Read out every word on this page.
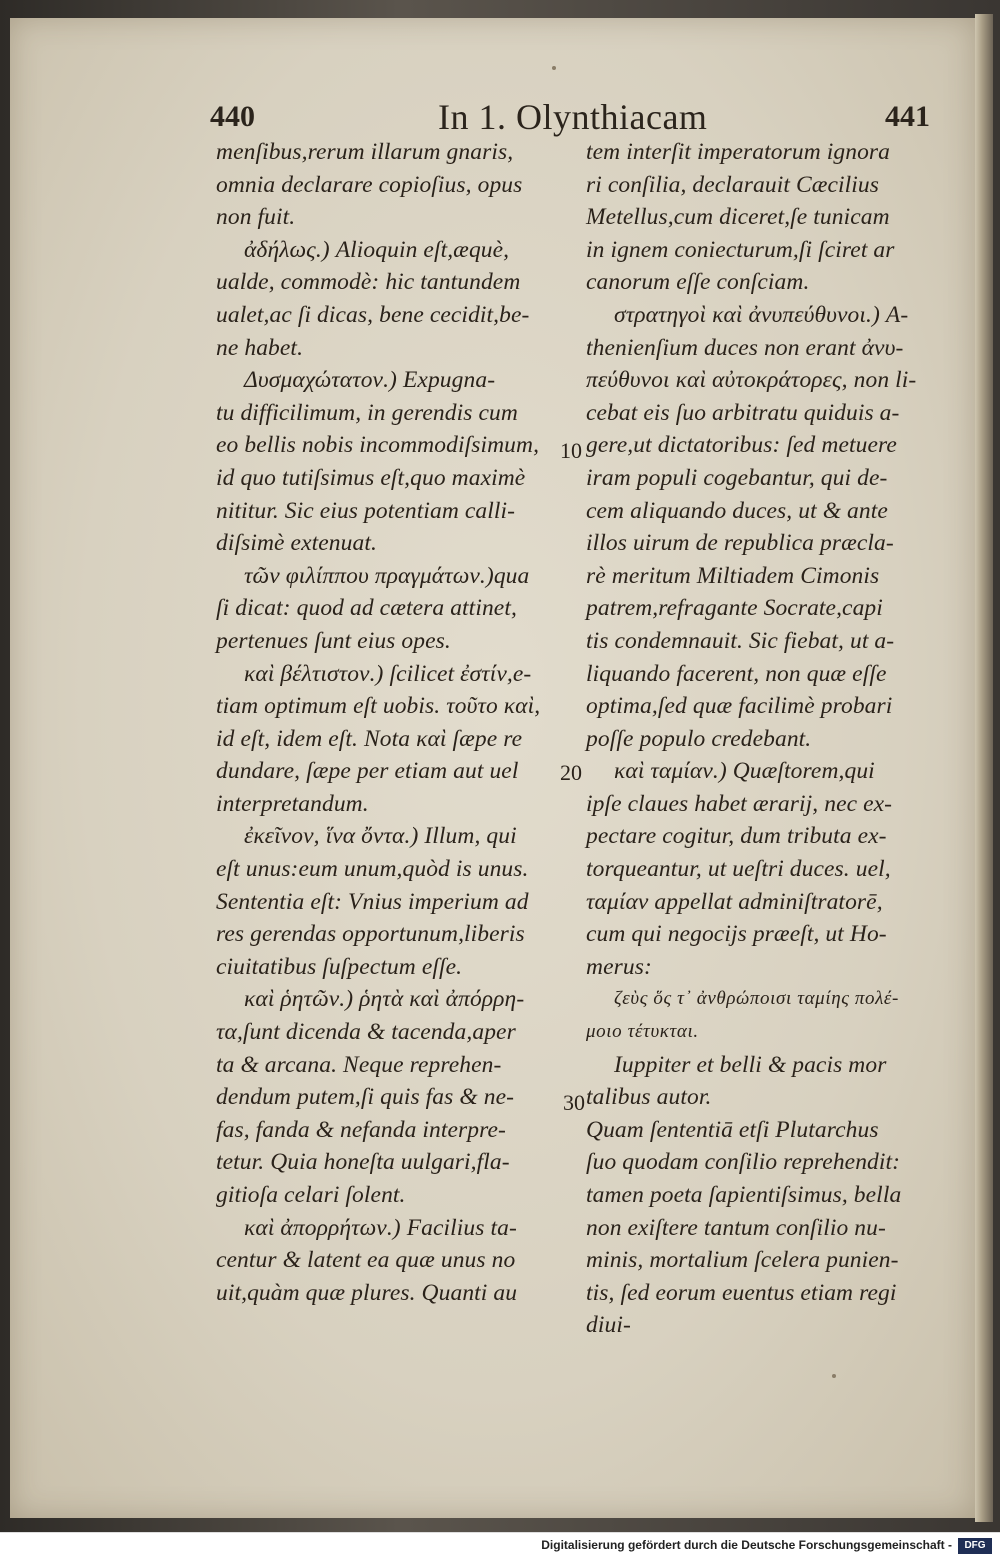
440	In 1. Olynthiacam	441
menſibus,rerum illarum gnaris,
omnia declarare copioſius, opus
non fuit.
ἀδήλως.) Alioquin eſt,æquè,
ualde, commodè: hic tantundem
ualet,ac ſi dicas, bene cecidit,be-
ne habet.
Δυσμαχώτατον.) Expugna-
tu difficilimum, in gerendis cum
eo bellis nobis incommodiſsimum,
id quo tutiſsimus eſt,quo maximè
nititur. Sic eius potentiam calli-
diſsimè extenuat.
τῶν φιλίππου πραγμάτων.)qua
ſi dicat: quod ad cætera attinet,
pertenues ſunt eius opes.
καὶ βέλτιστον.) ſcilicet ἐστίν,e-
tiam optimum eſt uobis. τοῦτο καὶ,
id eſt, idem eſt. Nota καὶ ſæpe re
dundare, ſæpe per etiam aut uel
interpretandum.
ἐκεῖνον, ἵνα ὄντα.) Illum, qui
eſt unus:eum unum,quòd is unus.
Sententia eſt: Vnius imperium ad
res gerendas opportunum,liberis
ciuitatibus ſuſpectum eſſe.
καὶ ῥητῶν.) ῥητὰ καὶ ἀπόρρη-
τα,ſunt dicenda & tacenda,aper
ta & arcana. Neque reprehen-
dendum putem,ſi quis fas & ne-
fas, fanda & nefanda interpre-
tetur. Quia honeſta uulgari,fla-
gitioſa celari ſolent.
καὶ ἀπορρήτων.) Facilius ta-
centur & latent ea quæ unus no
uit,quàm quæ plures. Quanti au
tem interſit imperatorum ignora
ri conſilia, declarauit Cæcilius
Metellus,cum diceret,ſe tunicam
in ignem coniecturum,ſi ſciret ar
canorum eſſe conſciam.
στρατηγοὶ καὶ ἀνυπεύθυνοι.) A-
thenienſium duces non erant ἀνυ-
πεύθυνοι καὶ αὐτοκράτορες, non li-
cebat eis ſuo arbitratu quiduis a-
gere,ut dictatoribus: ſed metuere
iram populi cogebantur, qui de-
cem aliquando duces, ut & ante
illos uirum de republica præcla-
rè meritum Miltiadem Cimonis
patrem,refragante Socrate,capi
tis condemnauit. Sic fiebat, ut a-
liquando facerent, non quæ eſſe
optima,ſed quæ facilimè probari
poſſe populo credebant.
καὶ ταμίαν.) Quæſtorem,qui
ipſe claues habet ærarij, nec ex-
pectare cogitur, dum tributa ex-
torqueantur, ut ueſtri duces. uel,
ταμίαν appellat adminiſtratorē,
cum qui negocijs præeſt, ut Ho-
merus:
ζεὺς ὅς τ᾽ ἀνθρώποισι ταμίης πολέ-
μοιο τέτυκται.
Iuppiter et belli & pacis mor
talibus autor.
Quam ſententiā etſi Plutarchus
ſuo quodam conſilio reprehendit:
tamen poeta ſapientiſsimus, bella
non exiſtere tantum conſilio nu-
minis, mortalium ſcelera punien-
tis, ſed eorum euentus etiam regi
diui-
10
20
30
Digitalisierung gefördert durch die Deutsche Forschungsgemeinschaft -	DFG
